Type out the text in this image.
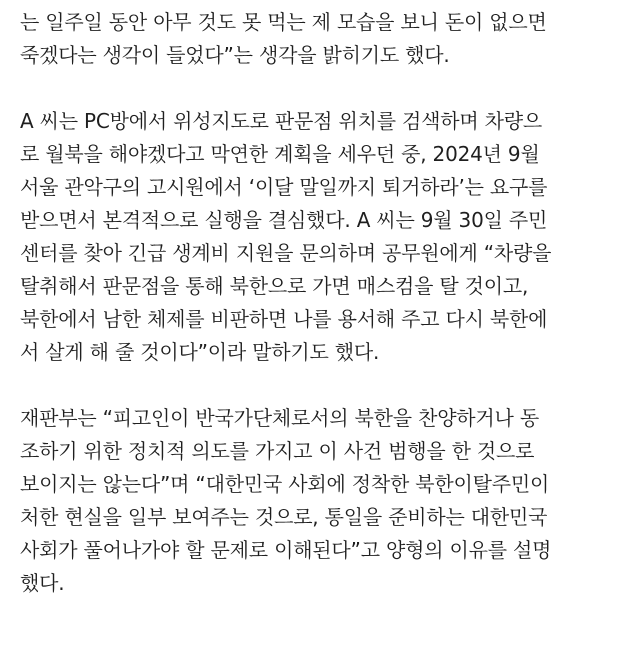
는 일주일 동안 아무 것도 못 먹는 제 모습을 보니 돈이 없으면
죽겠다는 생각이 들었다”는 생각을 밝히기도 했다.

A 씨는 PC방에서 위성지도로 판문점 위치를 검색하며 차량으
로 월북을 해야겠다고 막연한 계획을 세우던 중, 2024년 9월
서울 관악구의 고시원에서 ‘이달 말일까지 퇴거하라’는 요구를
받으면서 본격적으로 실행을 결심했다. A 씨는 9월 30일 주민
센터를 찾아 긴급 생계비 지원을 문의하며 공무원에게 “차량을
탈취해서 판문점을 통해 북한으로 가면 매스컴을 탈 것이고,
북한에서 남한 체제를 비판하면 나를 용서해 주고 다시 북한에
서 살게 해 줄 것이다”이라 말하기도 했다.

재판부는 “피고인이 반국가단체로서의 북한을 찬양하거나 동
조하기 위한 정치적 의도를 가지고 이 사건 범행을 한 것으로
보이지는 않는다”며 “대한민국 사회에 정착한 북한이탈주민이
처한 현실을 일부 보여주는 것으로, 통일을 준비하는 대한민국
사회가 풀어나가야 할 문제로 이해된다”고 양형의 이유를 설명
했다.
